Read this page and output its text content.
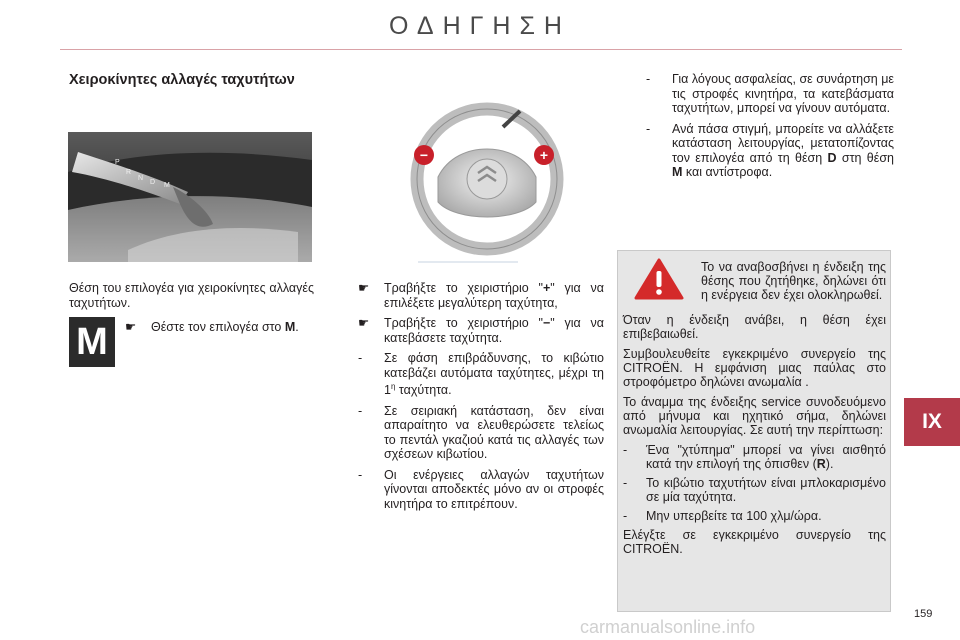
ΟΔΗΓΗΣΗ
Χειροκίνητες αλλαγές ταχυτήτων
P
R
N
D M
−	+
Θέση του επιλογέα για χειροκίνητες αλλαγές ταχυτήτων.
M	☛	Θέστε τον επιλογέα στο M.
☛	Τραβήξτε το χειριστήριο "+" για να επιλέξετε μεγαλύτερη ταχύτητα,
☛	Τραβήξτε το χειριστήριο "−" για να κατεβάσετε ταχύτητα.
-	Σε φάση επιβράδυνσης, το κιβώτιο κατεβάζει αυτόματα ταχύτητες, μέχρι τη $1^\eta$ ταχύτητα.
-	Σε σειριακή κατάσταση, δεν είναι απαραίτητο να ελευθερώσετε τελείως το πεντάλ γκαζιού κατά τις αλλαγές των σχέσεων κιβωτίου.
-	Οι ενέργειες αλλαγών ταχυτήτων γίνονται αποδεκτές μόνο αν οι στροφές κινητήρα το επιτρέπουν.
-	Για λόγους ασφαλείας, σε συνάρτηση με τις στροφές κινητήρα, τα κατεβάσματα ταχυτήτων, μπορεί να γίνουν αυτόματα.
-	Ανά πάσα στιγμή, μπορείτε να αλλάξετε κατάσταση λειτουργίας, μετατοπίζοντας τον επιλογέα από τη θέση D στη θέση M και αντίστροφα.
Το να αναβοσβήνει η ένδειξη της θέσης που ζητήθηκε, δηλώνει ότι η ενέργεια δεν έχει ολοκληρωθεί.
Όταν η ένδειξη ανάβει, η θέση έχει επιβεβαιωθεί.
Συμβουλευθείτε εγκεκριμένο συνεργείο της CITROËN. Η εμφάνιση μιας παύλας στο στροφόμετρο δηλώνει ανωμαλία .
Το άναμμα της ένδειξης service συνοδευόμενο από μήνυμα και ηχητικό σήμα, δηλώνει ανωμαλία λειτουργίας. Σε αυτή την περίπτωση:
-	Ένα "χτύπημα" μπορεί να γίνει αισθητό κατά την επιλογή της όπισθεν (R).
-	Το κιβώτιο ταχυτήτων είναι μπλοκαρισμένο σε μία ταχύτητα.
-	Μην υπερβείτε τα 100 χλμ/ώρα.
Ελέγξτε σε εγκεκριμένο συνεργείο της CITROËN.
IX
159
carmanualsonline.info
